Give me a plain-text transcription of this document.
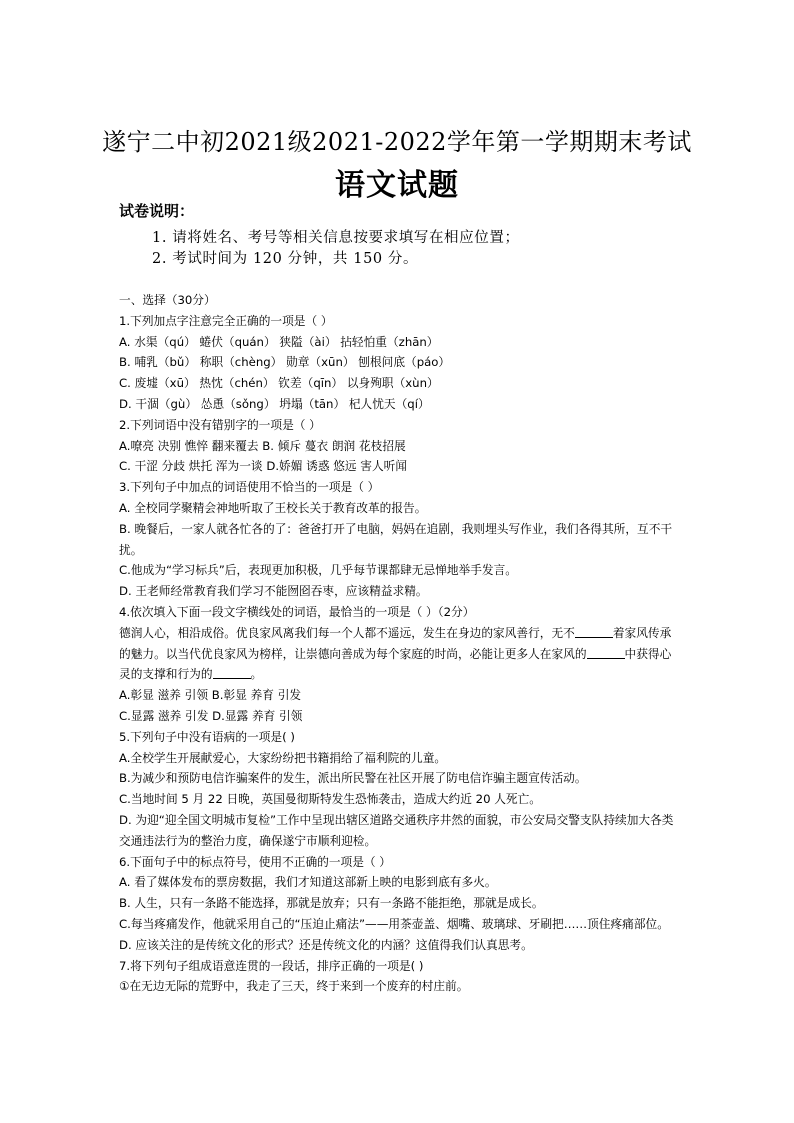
遂宁二中初2021级2021-2022学年第一学期期末考试
语文试题
试卷说明：
1. 请将姓名、考号等相关信息按要求填写在相应位置；
2. 考试时间为 120 分钟，共 150 分。
一、选择（30分）
1.下列加点字注意完全正确的一项是（ ）
A. 水渠（qú） 蜷伏（quán） 狭隘（ài） 拈轻怕重（zhān）
B. 哺乳（bǔ） 称职（chèng） 勋章（xūn） 刨根问底（páo）
C. 废墟（xū） 热忱（chén） 钦差（qīn） 以身殉职（xùn）
D. 干涸（gù） 怂恿（sǒng） 坍塌（tān） 杞人忧天（qí）
2.下列词语中没有错别字的一项是（ ）
A.嘹亮 决别 憔悴 翻来覆去 B. 倾斥 蔓衣 朗润 花枝招展
C. 干涩 分歧 烘托 浑为一谈 D.娇媚 诱惑 悠远 害人听闻
3.下列句子中加点的词语使用不恰当的一项是（ ）
A. 全校同学聚精会神地听取了王校长关于教育改革的报告。
B. 晚餐后，一家人就各忙各的了：爸爸打开了电脑，妈妈在追剧，我则埋头写作业，我们各得其所，互不干扰。
C.他成为“学习标兵”后，表现更加积极，几乎每节课都肆无忌惮地举手发言。
D. 王老师经常教育我们学习不能囫囵吞枣，应该精益求精。
4.依次填入下面一段文字横线处的词语，最恰当的一项是（ ）（2分）
德润人心，相沿成俗。优良家风离我们每一个人都不遥远，发生在身边的家风善行，无不	着家风传承的魅力。以当代优良家风为榜样，让崇德向善成为每个家庭的时尚，必能让更多人在家风的	中获得心灵的支撑和行为的	。
A.彰显 滋养 引领 B.彰显 养育 引发
C.显露 滋养 引发 D.显露 养育 引领
5.下列句子中没有语病的一项是( )
A.全校学生开展献爱心，大家纷纷把书籍捐给了福利院的儿童。
B.为减少和预防电信诈骗案件的发生，派出所民警在社区开展了防电信诈骗主题宣传活动。
C.当地时间 5 月 22 日晚，英国曼彻斯特发生恐怖袭击，造成大约近 20 人死亡。
D. 为迎“迎全国文明城市复检”工作中呈现出辖区道路交通秩序井然的面貌，市公安局交警支队持续加大各类交通违法行为的整治力度，确保遂宁市顺利迎检。
6.下面句子中的标点符号，使用不正确的一项是（ ）
A. 看了媒体发布的票房数据，我们才知道这部新上映的电影到底有多火。
B. 人生，只有一条路不能选择，那就是放弃；只有一条路不能拒绝，那就是成长。
C.每当疼痛发作，他就采用自己的“压迫止痛法”——用茶壶盖、烟嘴、玻璃球、牙刷把……顶住疼痛部位。
D. 应该关注的是传统文化的形式？还是传统文化的内涵？这值得我们认真思考。
7.将下列句子组成语意连贯的一段话，排序正确的一项是( )
①在无边无际的荒野中，我走了三天，终于来到一个废弃的村庄前。
